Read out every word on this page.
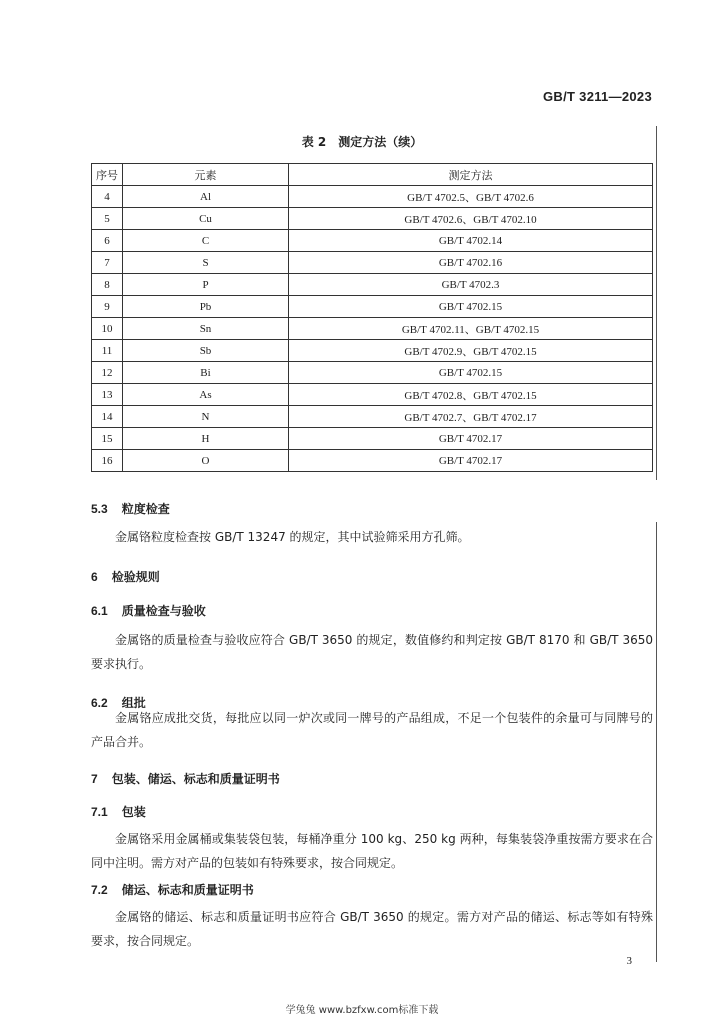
GB/T 3211—2023
表 2　测定方法（续）
序号	元素	测定方法
4	Al	GB/T 4702.5、GB/T 4702.6
5	Cu	GB/T 4702.6、GB/T 4702.10
6	C	GB/T 4702.14
7	S	GB/T 4702.16
8	P	GB/T 4702.3
9	Pb	GB/T 4702.15
10	Sn	GB/T 4702.11、GB/T 4702.15
11	Sb	GB/T 4702.9、GB/T 4702.15
12	Bi	GB/T 4702.15
13	As	GB/T 4702.8、GB/T 4702.15
14	N	GB/T 4702.7、GB/T 4702.17
15	H	GB/T 4702.17
16	O	GB/T 4702.17
5.3 粒度检查
金属铬粒度检查按 GB/T 13247 的规定，其中试验筛采用方孔筛。
6 检验规则
6.1 质量检查与验收
金属铬的质量检查与验收应符合 GB/T 3650 的规定，数值修约和判定按 GB/T 8170 和 GB/T 3650 要求执行。
6.2 组批
金属铬应成批交货，每批应以同一炉次或同一牌号的产品组成，不足一个包装件的余量可与同牌号的产品合并。
7 包装、储运、标志和质量证明书
7.1 包装
金属铬采用金属桶或集装袋包装，每桶净重分 100 kg、250 kg 两种，每集装袋净重按需方要求在合同中注明。需方对产品的包装如有特殊要求，按合同规定。
7.2 储运、标志和质量证明书
金属铬的储运、标志和质量证明书应符合 GB/T 3650 的规定。需方对产品的储运、标志等如有特殊要求，按合同规定。
3
学兔兔 www.bzfxw.com标准下载
